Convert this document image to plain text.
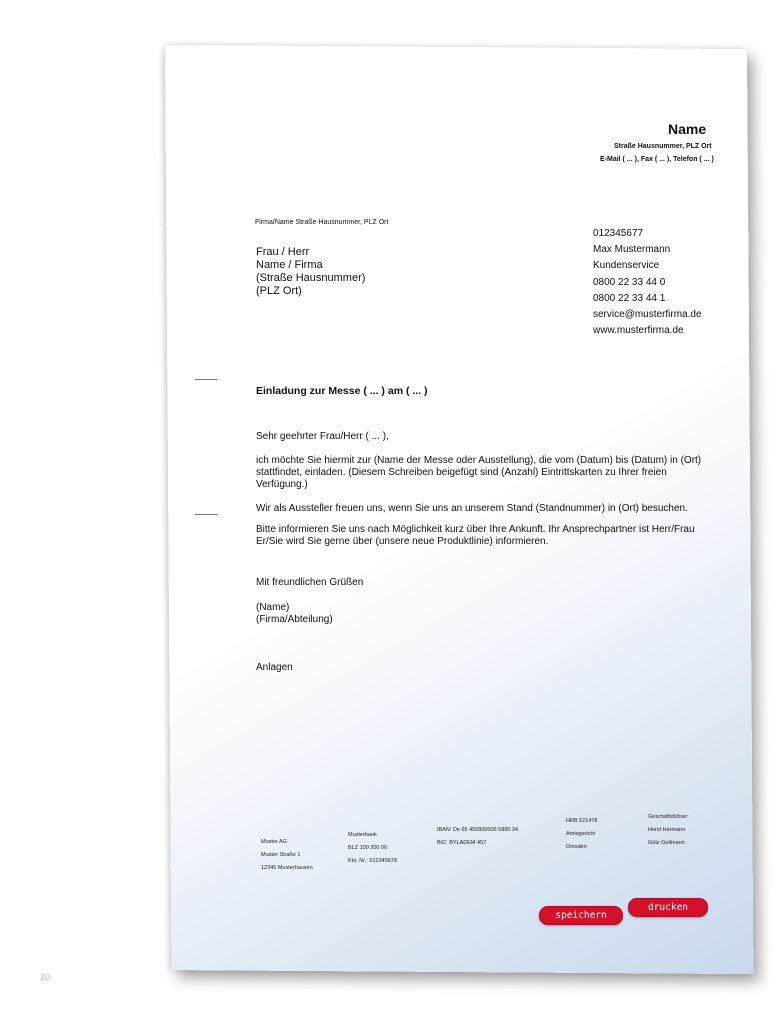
Name
Straße Hausnummer, PLZ Ort
E-Mail ( ... ), Fax ( ... ), Telefon ( ... )
Firma/Name Straße Hausnummer, PLZ Ort
Frau / Herr
Name / Firma
(Straße Hausnummer)
(PLZ Ort)
012345677
Max Mustermann
Kundenservice
0800 22 33 44 0
0800 22 33 44 1
service@musterfirma.de
www.musterfirma.de
Einladung zur Messe ( ... ) am ( ... )
Sehr geehrter Frau/Herr ( ... ),
ich möchte Sie hiermit zur (Name der Messe oder Ausstellung), die vom (Datum) bis (Datum) in (Ort) stattfindet, einladen. (Diesem Schreiben beigefügt sind (Anzahl) Eintrittskarten zu Ihrer freien Verfügung.)
Wir als Aussteller freuen uns, wenn Sie uns an unserem Stand (Standnummer) in (Ort) besuchen.
Bitte informieren Sie uns nach Möglichkeit kurz über Ihre Ankunft. Ihr Ansprechpartner ist Herr/Frau Er/Sie wird Sie gerne über (unsere neue Produktlinie) informieren.
Mit freundlichen Grüßen
(Name)
(Firma/Abteilung)
Anlagen
Muster AG
Muster Straße 1
12345 Musterhausen
Musterbank
BLZ 100 200 00
Kto. Nr.: 012345678
IBAN: De 65 450900006 5890 34
BIC: BYLADEM 457
HRB 521478
Amtsgericht
Dresden
Geschäftsführer:
Horst Hermann
Götz Gollmann
speichern
drucken
20
